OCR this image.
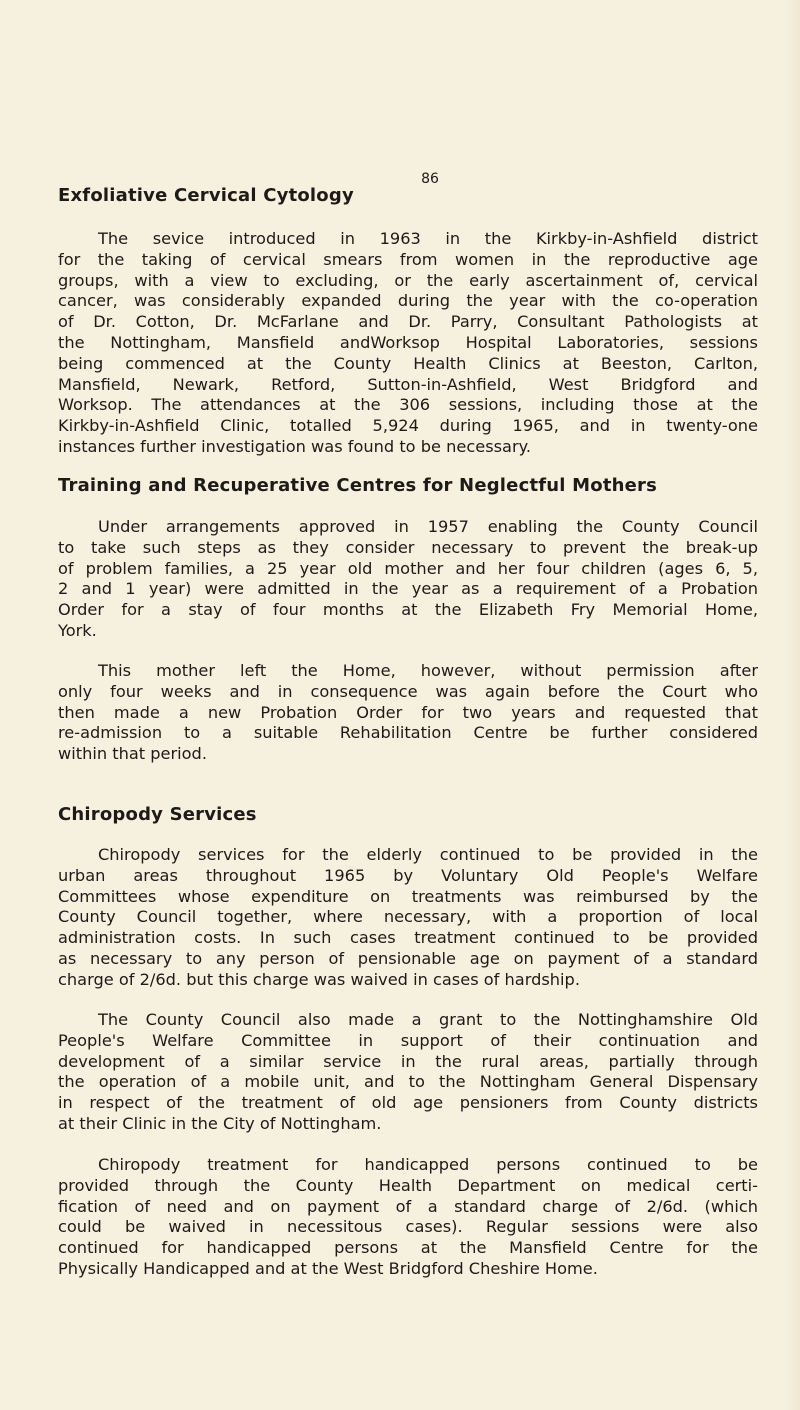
86
Exfoliative Cervical Cytology
The sevice introduced in 1963 in the Kirkby-in-Ashfield district
for the taking of cervical smears from women in the reproductive age
groups, with a view to excluding, or the early ascertainment of, cervical
cancer, was considerably expanded during the year with the co-operation
of Dr. Cotton, Dr. McFarlane and Dr. Parry, Consultant Pathologists at
the Nottingham, Mansfield andWorksop Hospital Laboratories, sessions
being commenced at the County Health Clinics at Beeston, Carlton,
Mansfield, Newark, Retford, Sutton-in-Ashfield, West Bridgford and
Worksop. The attendances at the 306 sessions, including those at the
Kirkby-in-Ashfield Clinic, totalled 5,924 during 1965, and in twenty-one
instances further investigation was found to be necessary.
Training and Recuperative Centres for Neglectful Mothers
Under arrangements approved in 1957 enabling the County Council
to take such steps as they consider necessary to prevent the break-up
of problem families, a 25 year old mother and her four children (ages 6, 5,
2 and 1 year) were admitted in the year as a requirement of a Probation
Order for a stay of four months at the Elizabeth Fry Memorial Home,
York.
This mother left the Home, however, without permission after
only four weeks and in consequence was again before the Court who
then made a new Probation Order for two years and requested that
re-admission to a suitable Rehabilitation Centre be further considered
within that period.
Chiropody Services
Chiropody services for the elderly continued to be provided in the
urban areas throughout 1965 by Voluntary Old People's Welfare
Committees whose expenditure on treatments was reimbursed by the
County Council together, where necessary, with a proportion of local
administration costs. In such cases treatment continued to be provided
as necessary to any person of pensionable age on payment of a standard
charge of 2/6d. but this charge was waived in cases of hardship.
The County Council also made a grant to the Nottinghamshire Old
People's Welfare Committee in support of their continuation and
development of a similar service in the rural areas, partially through
the operation of a mobile unit, and to the Nottingham General Dispensary
in respect of the treatment of old age pensioners from County districts
at their Clinic in the City of Nottingham.
Chiropody treatment for handicapped persons continued to be
provided through the County Health Department on medical certi-
fication of need and on payment of a standard charge of 2/6d. (which
could be waived in necessitous cases). Regular sessions were also
continued for handicapped persons at the Mansfield Centre for the
Physically Handicapped and at the West Bridgford Cheshire Home.
